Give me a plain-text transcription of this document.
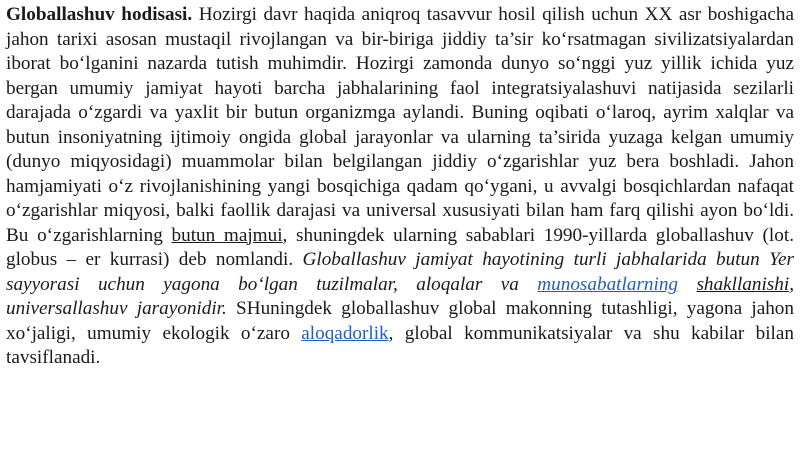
Globallashuv hodisasi. Hozirgi davr haqida aniqroq tasavvur hosil qilish uchun XX asr boshigacha jahon tarixi asosan mustaqil rivojlangan va bir-biriga jiddiy ta’sir ko‘rsatmagan sivilizatsiyalardan iborat bo‘lganini nazarda tutish muhimdir. Hozirgi zamonda dunyo so‘nggi yuz yillik ichida yuz bergan umumiy jamiyat hayoti barcha jabhalarining faol integratsiyalashuvi natijasida sezilarli darajada o‘zgardi va yaxlit bir butun organizmga aylandi. Buning oqibati o‘laroq, ayrim xalqlar va butun insoniyatning ijtimoiy ongida global jarayonlar va ularning ta’sirida yuzaga kelgan umumiy (dunyo miqyosidagi) muammolar bilan belgilangan jiddiy o‘zgarishlar yuz bera boshladi. Jahon hamjamiyati o‘z rivojlanishining yangi bosqichiga qadam qo‘ygani, u avvalgi bosqichlardan nafaqat o‘zgarishlar miqyosi, balki faollik darajasi va universal xususiyati bilan ham farq qilishi ayon bo‘ldi. Bu o‘zgarishlarning butun majmui, shuningdek ularning sabablari 1990-yillarda globallashuv (lot. globus – er kurrasi) deb nomlandi. Globallashuv jamiyat hayotining turli jabhalarida butun Yer sayyorasi uchun yagona bo‘lgan tuzilmalar, aloqalar va munosabatlarning shakllanishi, universallashuv jarayonidir. SHuningdek globallashuv global makonning tutashligi, yagona jahon xo‘jaligi, umumiy ekologik o‘zaro aloqadorlik, global kommunikatsiyalar va shu kabilar bilan tavsiflanadi.
